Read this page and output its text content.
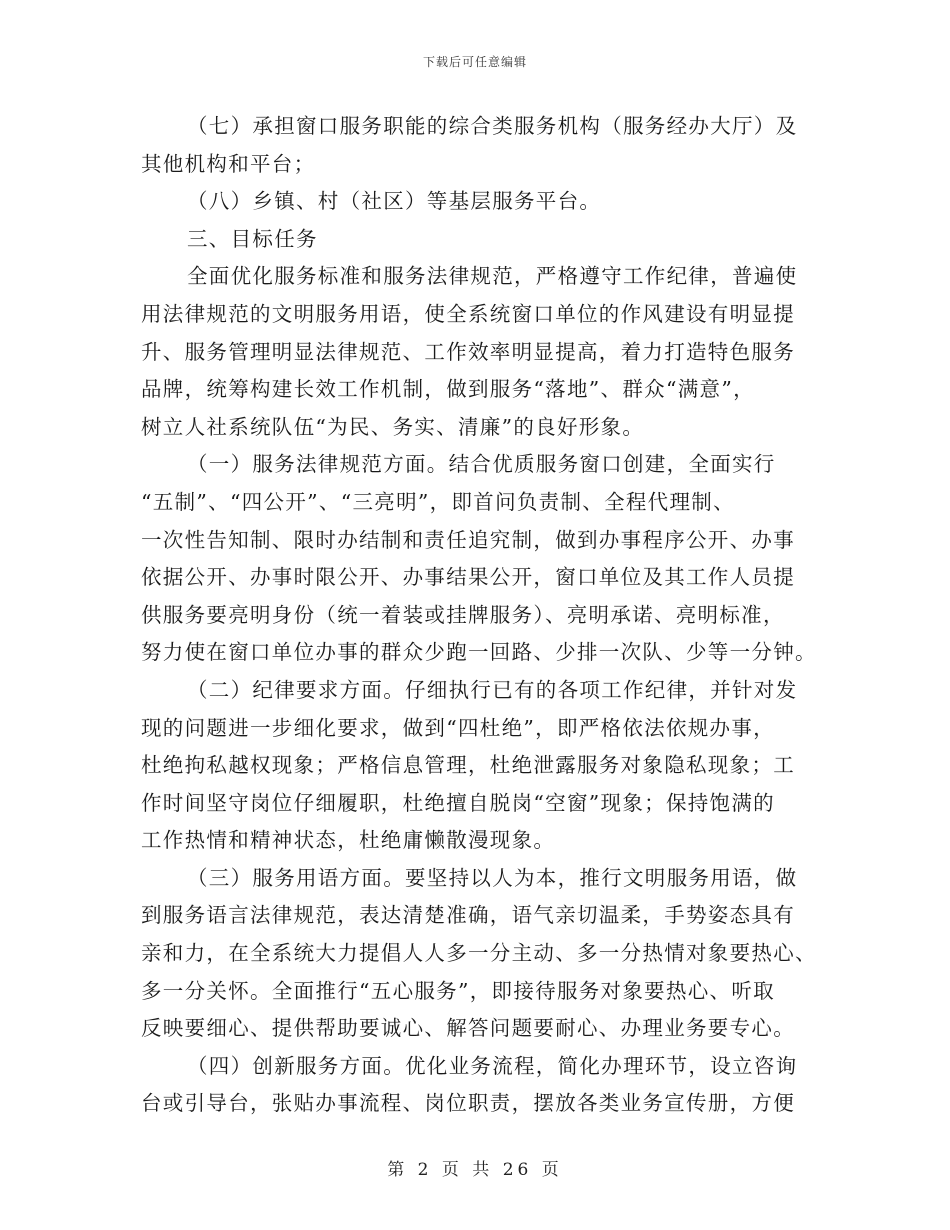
下载后可任意编辑
（七）承担窗口服务职能的综合类服务机构（服务经办大厅）及
其他机构和平台；
（八）乡镇、村（社区）等基层服务平台。
三、目标任务
全面优化服务标准和服务法律规范，严格遵守工作纪律，普遍使
用法律规范的文明服务用语，使全系统窗口单位的作风建设有明显提
升、服务管理明显法律规范、工作效率明显提高，着力打造特色服务
品牌，统筹构建长效工作机制，做到服务“落地”、群众“满意”，
树立人社系统队伍“为民、务实、清廉”的良好形象。
（一）服务法律规范方面。结合优质服务窗口创建，全面实行
“五制”、“四公开”、“三亮明”，即首问负责制、全程代理制、
一次性告知制、限时办结制和责任追究制，做到办事程序公开、办事
依据公开、办事时限公开、办事结果公开，窗口单位及其工作人员提
供服务要亮明身份（统一着装或挂牌服务）、亮明承诺、亮明标准，
努力使在窗口单位办事的群众少跑一回路、少排一次队、少等一分钟。
（二）纪律要求方面。仔细执行已有的各项工作纪律，并针对发
现的问题进一步细化要求，做到“四杜绝”，即严格依法依规办事，
杜绝拘私越权现象；严格信息管理，杜绝泄露服务对象隐私现象；工
作时间坚守岗位仔细履职，杜绝擅自脱岗“空窗”现象；保持饱满的
工作热情和精神状态，杜绝庸懒散漫现象。
（三）服务用语方面。要坚持以人为本，推行文明服务用语，做
到服务语言法律规范，表达清楚准确，语气亲切温柔，手势姿态具有
亲和力，在全系统大力提倡人人多一分主动、多一分热情对象要热心、
多一分关怀。全面推行“五心服务”，即接待服务对象要热心、听取
反映要细心、提供帮助要诚心、解答问题要耐心、办理业务要专心。
（四）创新服务方面。优化业务流程，简化办理环节，设立咨询
台或引导台，张贴办事流程、岗位职责，摆放各类业务宣传册，方便
第 2 页 共 26 页
